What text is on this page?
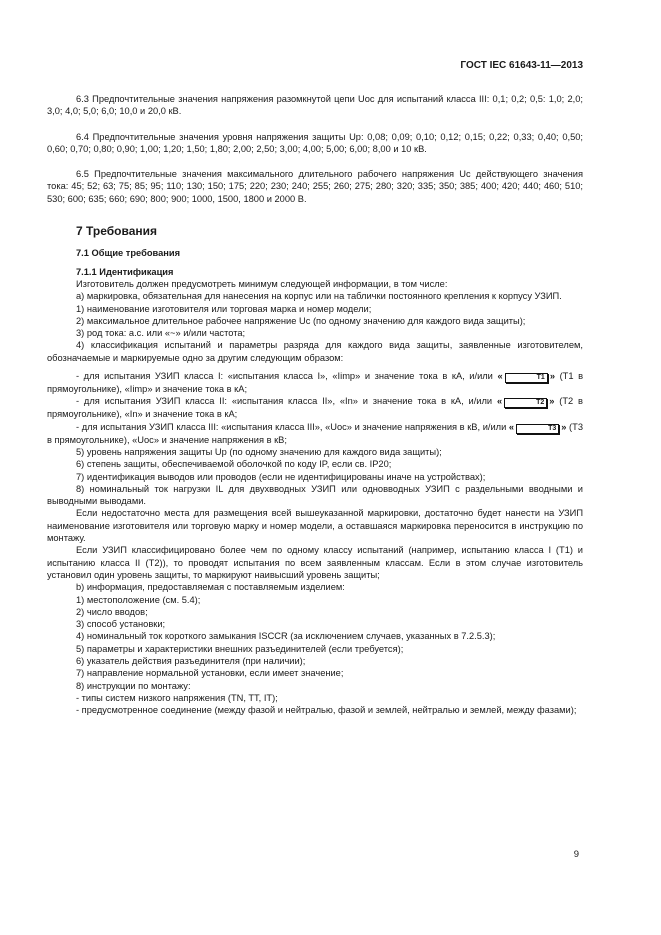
ГОСТ IEC 61643-11—2013

6.3 Предпочтительные значения напряжения разомкнутой цепи Uoc для испытаний класса III: 0,1; 0,2; 0,5: 1,0; 2,0; 3,0; 4,0; 5,0; 6,0; 10,0 и 20,0 кВ.

6.4 Предпочтительные значения уровня напряжения защиты Up: 0,08; 0,09; 0,10; 0,12; 0,15; 0,22; 0,33; 0,40; 0,50; 0,60; 0,70; 0,80; 0,90; 1,00; 1,20; 1,50; 1,80; 2,00; 2,50; 3,00; 4,00; 5,00; 6,00; 8,00 и 10 кВ.

6.5 Предпочтительные значения максимального длительного рабочего напряжения Uc действующего значения тока: 45; 52; 63; 75; 85; 95; 110; 130; 150; 175; 220; 230; 240; 255; 260; 275; 280; 320; 335; 350; 385; 400; 420; 440; 460; 510; 530; 600; 635; 660; 690; 800; 900; 1000, 1500, 1800 и 2000 В.

7 Требования
7.1 Общие требования
7.1.1 Идентификация

Изготовитель должен предусмотреть минимум следующей информации, в том числе:

а) маркировка, обязательная для нанесения на корпус или на таблички постоянного крепления к корпусу УЗИП.

1) наименование изготовителя или торговая марка и номер модели;

2) максимальное длительное рабочее напряжение Uc (по одному значению для каждого вида защиты);

3) род тока: a.c. или «~» и/или частота;

4) классификация испытаний и параметры разряда для каждого вида защиты, заявленные изготовителем, обозначаемые и маркируемые одно за другим следующим образом:

- для испытания УЗИП класса I: «испытания класса I», «Iimp» и значение тока в кА, и/или «	T1 » (Т1 в прямоугольнике), «Iimp» и значение тока в кА;

- для испытания УЗИП класса II: «испытания класса II», «In» и значение тока в кА, и/или «	T2 » (Т2 в прямоугольнике), «In» и значение тока в кА;

- для испытания УЗИП класса III: «испытания класса III», «Uoc» и значение напряжения в кВ, и/или «	T3 » (Т3 в прямоугольнике), «Uoc» и значение напряжения в кВ;

5) уровень напряжения защиты Up (по одному значению для каждого вида защиты);

6) степень защиты, обеспечиваемой оболочкой по коду IP, если св. IP20;

7) идентификация выводов или проводов (если не идентифицированы иначе на устройствах);

8) номинальный ток нагрузки IL для двухвводных УЗИП или одновводных УЗИП с раздельными вводными и выводными выводами.

Если недостаточно места для размещения всей вышеуказанной маркировки, достаточно будет нанести на УЗИП наименование изготовителя или торговую марку и номер модели, а оставшаяся маркировка переносится в инструкцию по монтажу.

Если УЗИП классифицировано более чем по одному классу испытаний (например, испытанию класса I (Т1) и испытанию класса II (Т2)), то проводят испытания по всем заявленным классам. Если в этом случае изготовитель установил один уровень защиты, то маркируют наивысший уровень защиты;

b) информация, предоставляемая с поставляемым изделием:

1) местоположение (см. 5.4);

2) число вводов;

3) способ установки;

4) номинальный ток короткого замыкания ISCCR (за исключением случаев, указанных в 7.2.5.3);

5) параметры и характеристики внешних разъединителей (если требуется);

6) указатель действия разъединителя (при наличии);

7) направление нормальной установки, если имеет значение;

8) инструкции по монтажу:

- типы систем низкого напряжения (TN, TT, IT);

- предусмотренное соединение (между фазой и нейтралью, фазой и землей, нейтралью и землей, между фазами);

9
